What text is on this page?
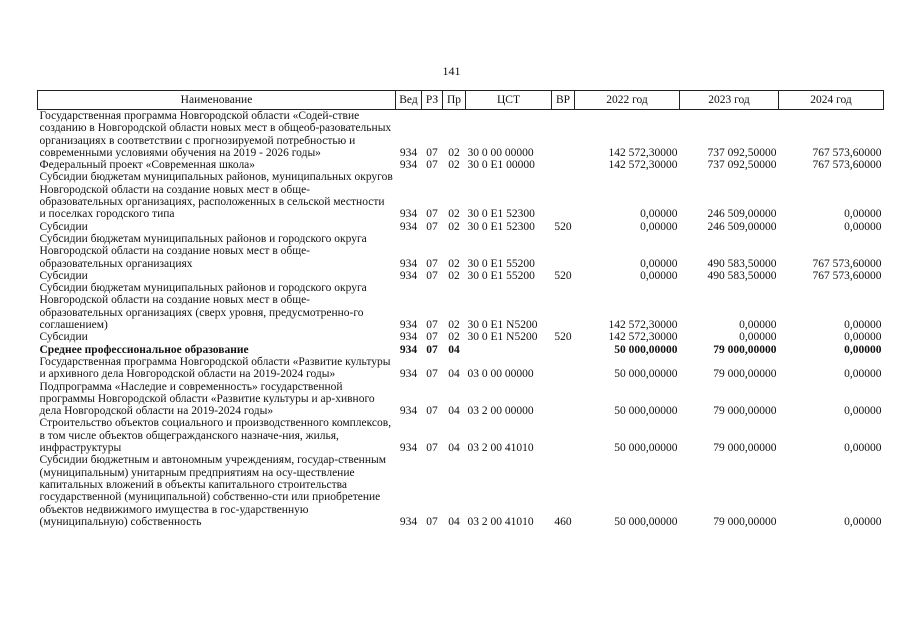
141
Наименование	Вед	РЗ	Пр	ЦСТ	ВР	2022 год	2023 год	2024 год
Государственная программа Новгородской области «Содей-ствие созданию в Новгородской области новых мест в общеоб-разовательных организациях в соответствии с прогнозируемой потребностью и современными условиями обучения на 2019 - 2026 годы»	934	07	02	30 0 00 00000		142 572,30000	737 092,50000	767 573,60000
Федеральный проект «Современная школа»	934	07	02	30 0 Е1 00000		142 572,30000	737 092,50000	767 573,60000
Субсидии бюджетам муниципальных районов, муниципальных округов Новгородской области на создание новых мест в обще-образовательных организациях, расположенных в сельской местности и поселках городского типа	934	07	02	30 0 Е1 52300		0,00000	246 509,00000	0,00000
Субсидии	934	07	02	30 0 Е1 52300	520	0,00000	246 509,00000	0,00000
Субсидии бюджетам муниципальных районов и городского округа Новгородской области на создание новых мест в обще-образовательных организациях	934	07	02	30 0 Е1 55200		0,00000	490 583,50000	767 573,60000
Субсидии	934	07	02	30 0 Е1 55200	520	0,00000	490 583,50000	767 573,60000
Субсидии бюджетам муниципальных районов и городского округа Новгородской области на создание новых мест в обще-образовательных организациях (сверх уровня, предусмотренно-го соглашением)	934	07	02	30 0 Е1 N5200		142 572,30000	0,00000	0,00000
Субсидии	934	07	02	30 0 Е1 N5200	520	142 572,30000	0,00000	0,00000
Среднее профессиональное образование	934	07	04			50 000,00000	79 000,00000	0,00000
Государственная программа Новгородской области «Развитие культуры и архивного дела Новгородской области на 2019-2024 годы»	934	07	04	03 0 00 00000		50 000,00000	79 000,00000	0,00000
Подпрограмма «Наследие и современность» государственной программы Новгородской области «Развитие культуры и ар-хивного дела Новгородской области на 2019-2024 годы»	934	07	04	03 2 00 00000		50 000,00000	79 000,00000	0,00000
Строительство объектов социального и производственного комплексов, в том числе объектов общегражданского назначе-ния, жилья, инфраструктуры	934	07	04	03 2 00 41010		50 000,00000	79 000,00000	0,00000
Субсидии бюджетным и автономным учреждениям, государ-ственным (муниципальным) унитарным предприятиям на осу-ществление капитальных вложений в объекты капитального строительства государственной (муниципальной) собственно-сти или приобретение объектов недвижимого имущества в гос-ударственную (муниципальную) собственность	934	07	04	03 2 00 41010	460	50 000,00000	79 000,00000	0,00000
